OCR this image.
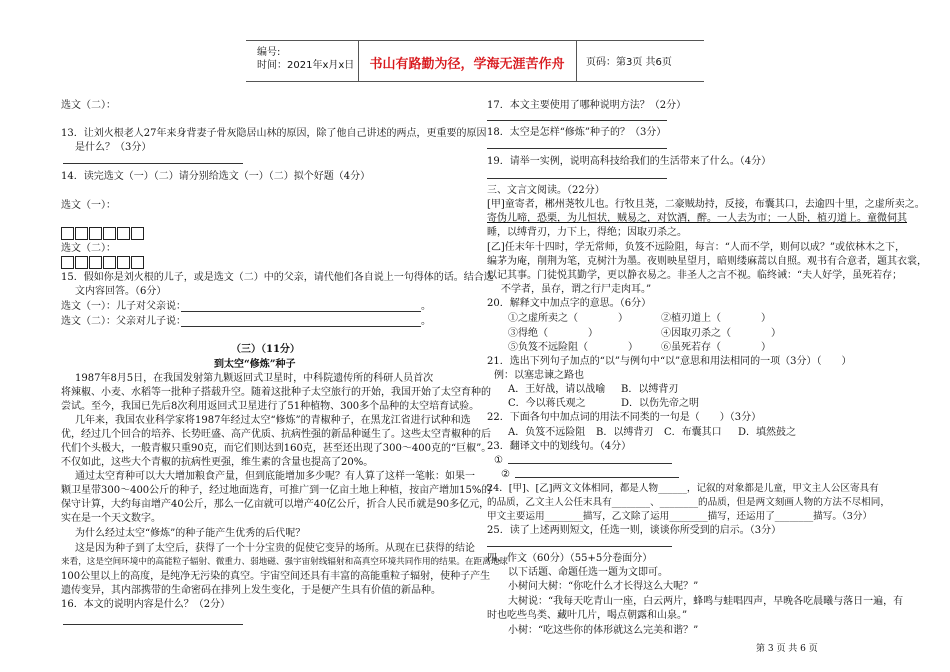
编号:
时间：2021年x月x日	书山有路勤为径，学海无涯苦作舟	页码：第3页 共6页
选文（二）：
13．让刘火根老人27年来身背妻子骨灰隐居山林的原因，除了他自己讲述的两点，更重要的原因
是什么？（3分）
14．读完选文（一）（二）请分别给选文（一）（二）拟个好题（4分）
选文（一）：
选文（二）：
15．假如你是刘火根的儿子，或是选文（二）中的父亲，请代他们各自说上一句得体的话。结合选
文内容回答。（6分）
选文（一）：儿子对父亲说：	。
选文（二）：父亲对儿子说：	。
（三）（11分）
到太空“修炼”种子
1987年8月5日，在我国发射第九颗返回式卫星时，中科院遗传所的科研人员首次
将辣椒、小麦、水稻等一批种子搭载升空。随着这批种子太空旅行的开始，我国开始了太空育种的
尝试。至今，我国已先后8次利用返回式卫星进行了51种植物、300多个品种的太空培育试验。
几年来，我国农业科学家将1987年经过太空“修炼”的青椒种子，在黑龙江省进行试种和选
优，经过几个回合的培养、长势旺盛、高产优质、抗病性强的新品种诞生了。这些太空青椒种的后
代们个头极大，一般青椒只重90克，而它们则达到160克，甚至还出现了300～400克的“巨椒”。
不仅如此，这些大个青椒的抗病性更强，维生素的含量也提高了20%。
通过太空育种可以大大增加粮食产量，但到底能增加多少呢？有人算了这样一笔帐：如果一
颗卫星带300～400公斤的种子，经过地面选育，可推广到一亿亩土地上种植，按亩产增加15%的
保守计算，大约每亩增产40公斤，那么一亿亩就可以增产40亿公斤，折合人民币就是90多亿元，
实在是一个天文数字。
为什么经过太空“修炼”的种子能产生优秀的后代呢？
这是因为种子到了太空后，获得了一个十分宝贵的促使它变异的场所。从现在已获得的结论
来看，这是空间环境中的高能粒子辐射、微重力、弱地磁、强宇宙射线辐射和高真空环境共同作用的结果。在距离地球
100公里以上的高度，是纯净无污染的真空。宇宙空间还具有丰富的高能重粒子辐射，使种子产生
遗传变异，其内部携带的生命密码在排列上发生变化，于是便产生具有价值的新品种。
16．本文的说明内容是什么？（2分）
17．本文主要使用了哪种说明方法？（2分）
18．太空是怎样“修炼”种子的？（3分）
19．请举一实例，说明高科技给我们的生活带来了什么。（4分）
三、文言文阅读。（22分）
[甲]童寄者，郴州荛牧儿也。行牧且荛，二豪贼劫持，反接，布囊其口，去逾四十里，之虚所卖之。
寄伪儿啼，恐栗，为儿恒状，贼易之，对饮酒，醉。一人去为市；一人卧，植刃道上。童微伺其
睡，以缚背刃，力下上，得绝；因取刃杀之。
[乙]任末年十四时，学无常师，负笈不远险阻，每言：“人而不学，则何以成？”或依林木之下，
编茅为庵，削荆为笔，克树汁为墨。夜则映星望月，暗则缕麻蒿以自照。观书有合意者，题其衣裳，
以记其事。门徒悦其勤学，更以静衣易之。非圣人之言不视。临终诫：“夫人好学，虽死若存；
不学者，虽存，谓之行尸走肉耳。”
20．解释文中加点字的意思。（6分）
①之虚所卖之（　　　　）	②植刃道上（　　　　）
③得绝（　　　　）	④因取刃杀之（　　　　）
⑤负笈不远险阻（　　　　） ⑥虽死若存（　　　　）
21．选出下列句子加点的“以”与例句中“以”意思和用法相同的一项（3分）（　　）
例：以塞忠谏之路也
A．王好战，请以战喻 B．以缚背刃
C．今以蒋氏观之	D．以伤先帝之明
22．下面各句中加点词的用法不同类的一句是（　　）（3分）
A．负笈不远险阻 B．以缚背刃 C．布囊其口 D．填然鼓之
23．翻译文中的划线句。（4分）
①
②
24．[甲]、[乙]两文文体相同，都是人物______，记叙的对象都是儿童，甲文主人公区寄具有
的品质，乙文主人公任末具有________、________的品质，但是两文刻画人物的方法不尽相同，
甲文主要运用________描写，乙文除了运用________描写，还运用了________描写。（3分）
25．读了上述两则短文，任选一则，谈谈你所受到的启示。（3分）
四、作文（60分）（55+5分卷面分）
以下话题、命题任选一题为文即可。
小树问大树：“你吃什么才长得这么大呢？”
大树说：“我每天吃青山一座，白云两片，蜂鸣与蛙唱四声，早晚各吃晨曦与落日一遍，有
时也吃些鸟类、藏叶几片，喝点朝露和山泉。”
小树：“吃这些你的体形就这么完美和谐？”
第 3 页 共 6 页
